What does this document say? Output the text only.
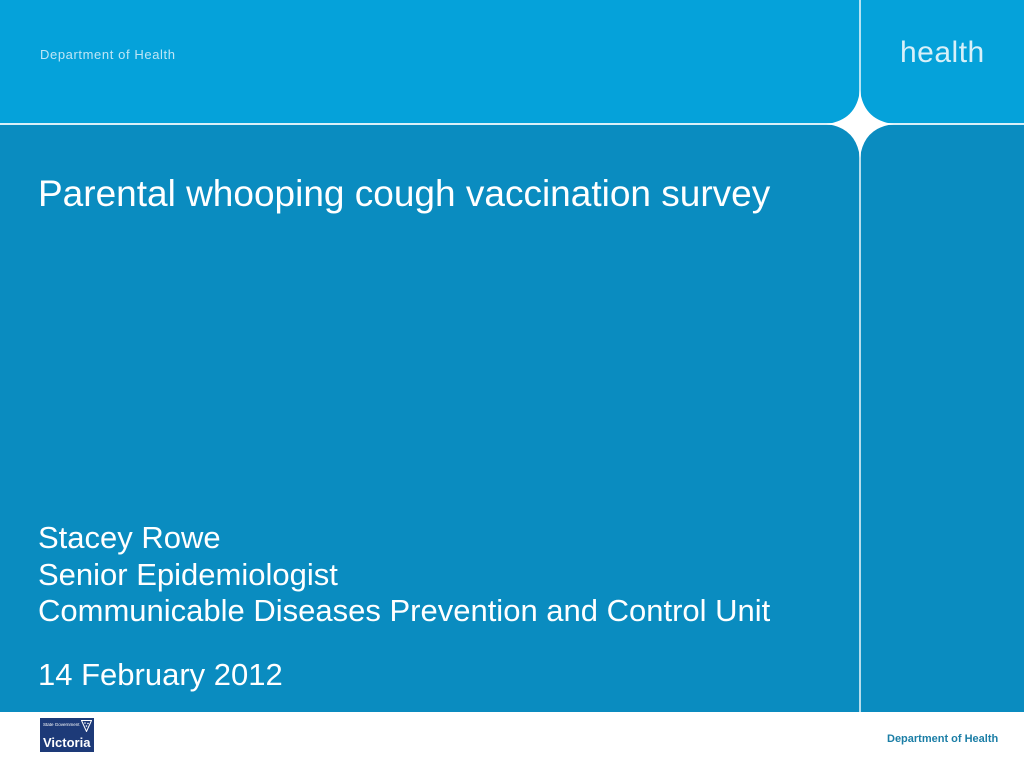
Department of Health	health
Parental whooping cough vaccination survey
Stacey Rowe
Senior Epidemiologist
Communicable Diseases Prevention and Control Unit
14 February 2012
State Government
Victoria	Department of Health
